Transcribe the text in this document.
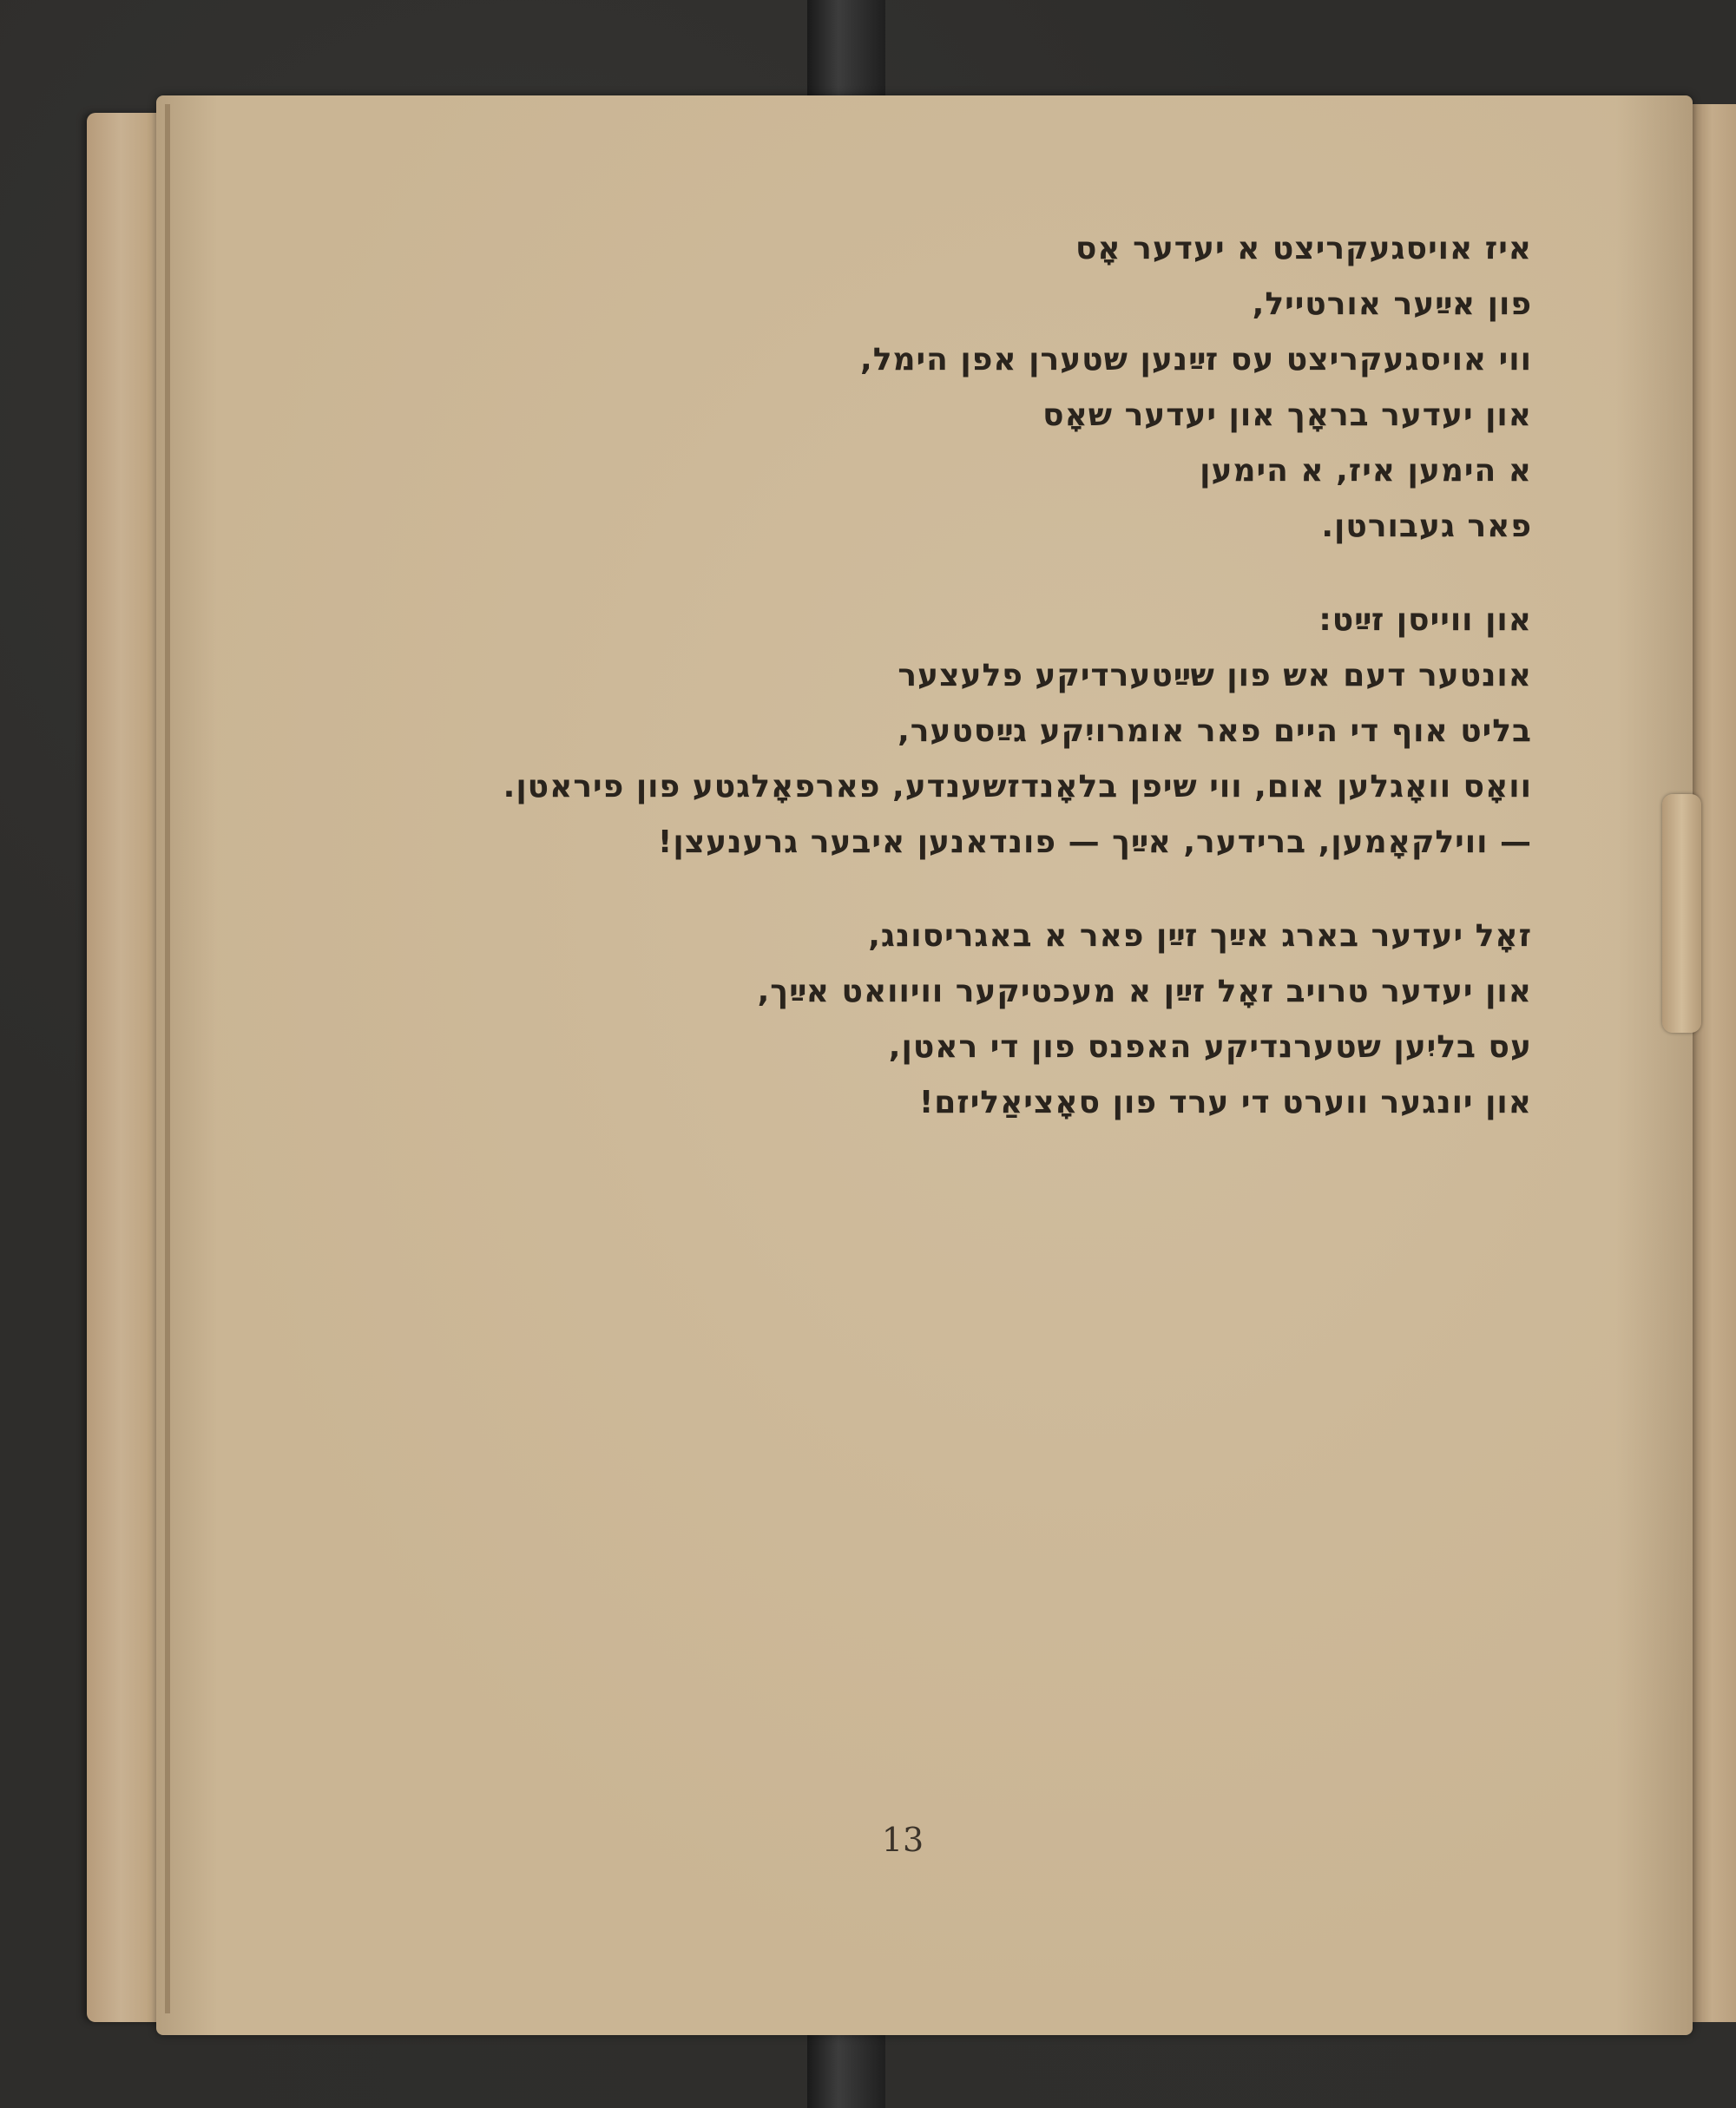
איז אויסגעקריצט א יעדער אָס
פון אײַער אורטייל,
ווי אויסגעקריצט עס זײַנען שטערן אפן הימל,
און יעדער בראָך און יעדער שאָס
א הימען איז, א הימען
פאר געבורטן.
און ווייסן זײַט:
אונטער דעם אש פון שײַטערדיקע פלעצער
בליט אוף די היים פאר אומרויִקע גײַסטער,
וואָס וואָגלען אום, ווי שיפן בלאָנדזשענדע, פארפאָלגטע פון פיראטן.
— ווילקאָמען, ברידער, אײַך — פונדאנען איבער גרענעצן!
זאָל יעדער בארג אײַך זײַן פאר א באגריסונג,
און יעדער טרויב זאָל זײַן א מעכטיקער וויוואט אײַך,
עס בליִען שטערנדיקע האפנס פון די ראטן,
און יונגער ווערט די ערד פון סאָציאַליזם!
13
